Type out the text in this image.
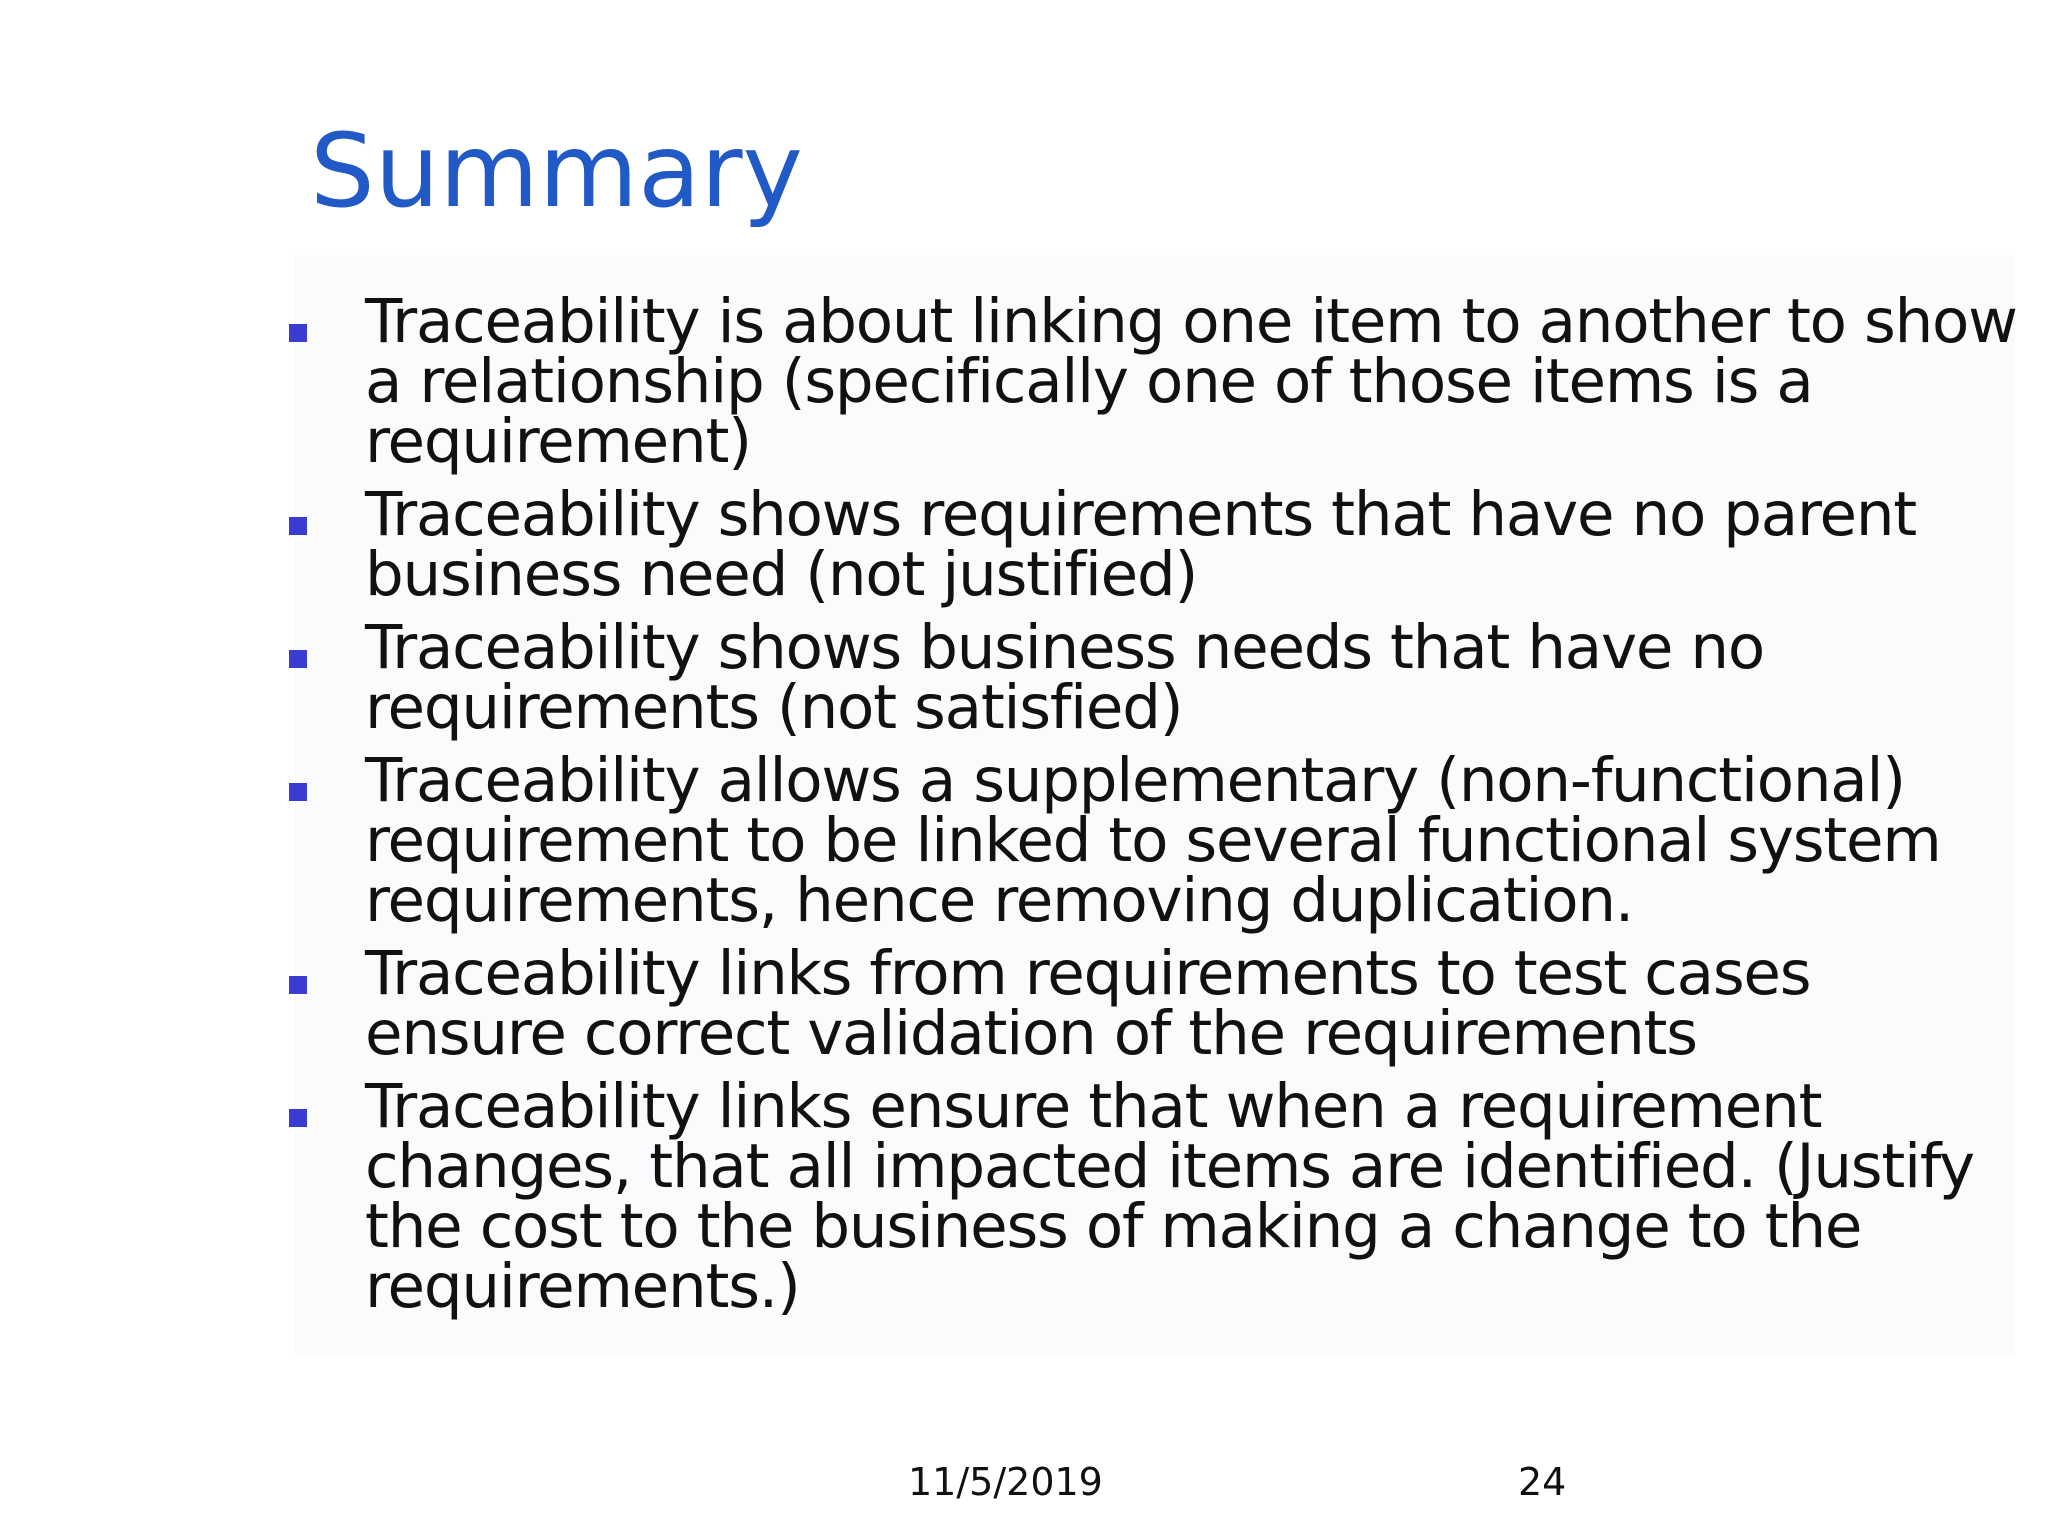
Summary
Traceability is about linking one item to another to show a relationship (specifically one of those items is a requirement)
Traceability shows requirements that have no parent business need (not justified)
Traceability shows business needs that have no requirements (not satisfied)
Traceability allows a supplementary (non-functional) requirement to be linked to several functional system requirements, hence removing duplication.
Traceability links from requirements to test cases ensure correct validation of the requirements
Traceability links ensure that when a requirement changes, that all impacted items are identified. (Justify the cost to the business of making a change to the requirements.)
11/5/2019	24
